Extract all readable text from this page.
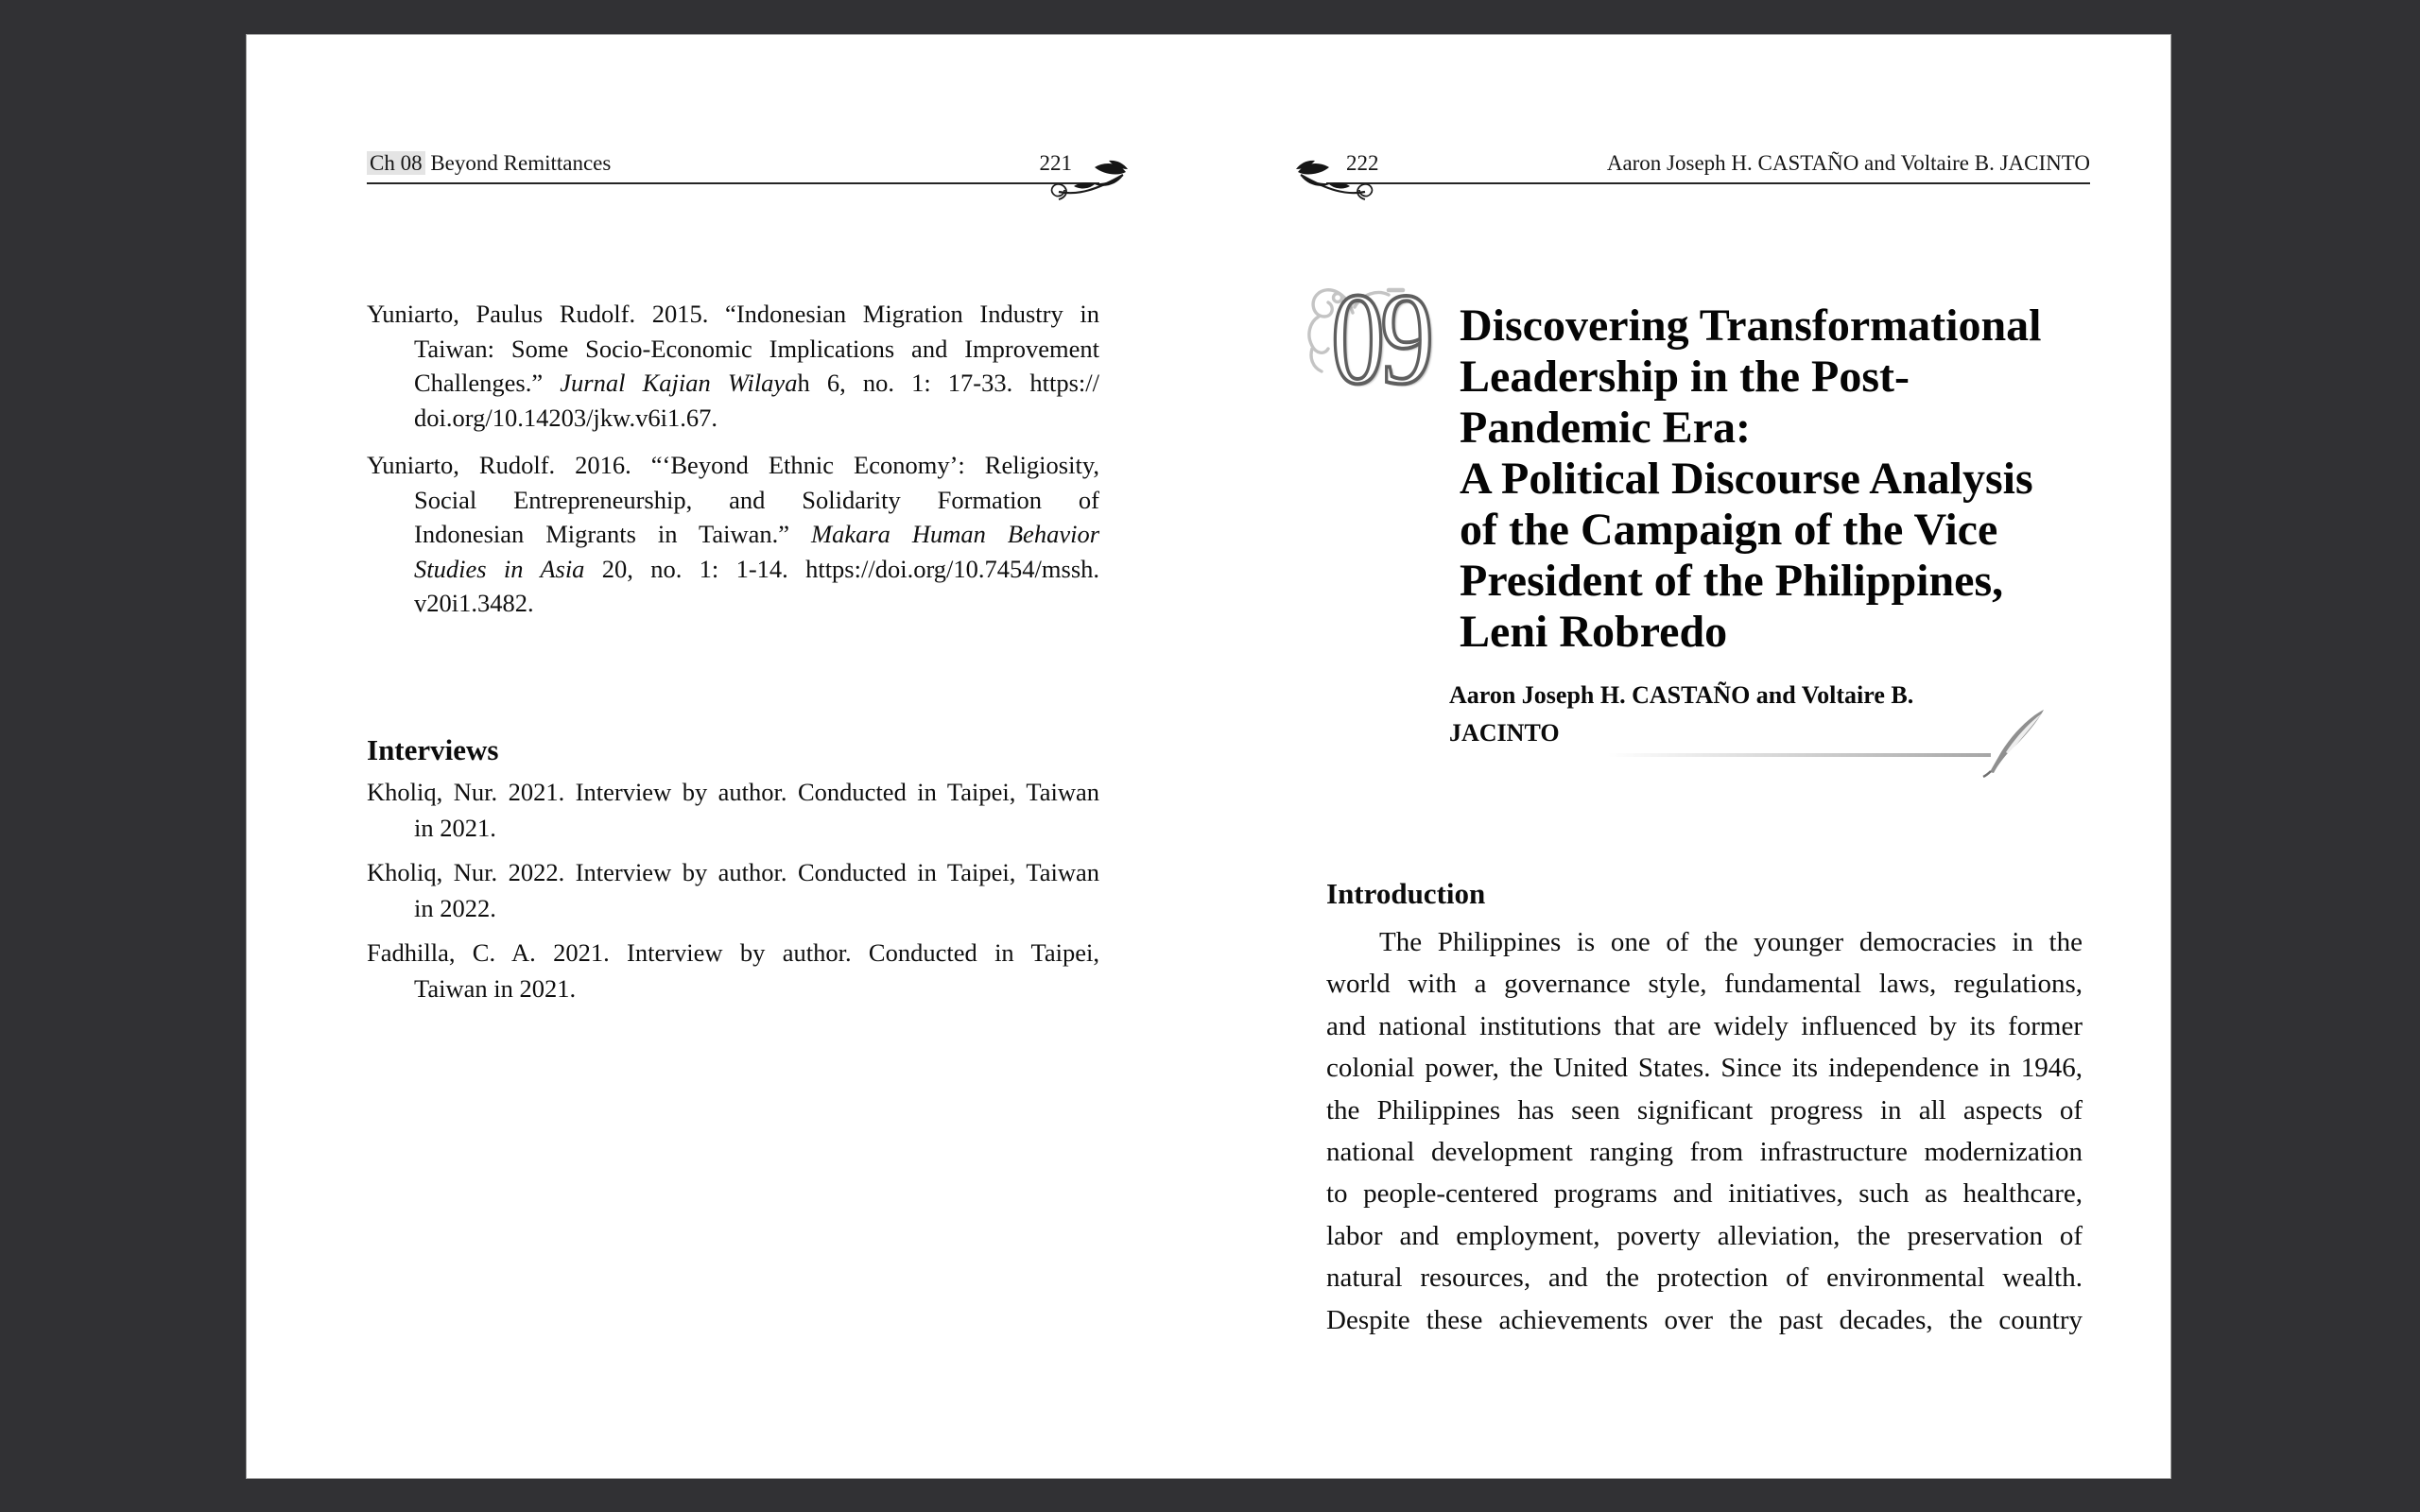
Ch 08 Beyond Remittances	221
Yuniarto, Paulus Rudolf. 2015. “Indonesian Migration Industry in
Taiwan: Some Socio-Economic Implications and Improvement
Challenges.” Jurnal Kajian Wilayah 6, no. 1: 17-33. https://
doi.org/10.14203/jkw.v6i1.67.
Yuniarto, Rudolf. 2016. “‘Beyond Ethnic Economy’: Religiosity,
Social Entrepreneurship, and Solidarity Formation of
Indonesian Migrants in Taiwan.” Makara Human Behavior
Studies in Asia 20, no. 1: 1-14. https://doi.org/10.7454/mssh.
v20i1.3482.
Interviews
Kholiq, Nur. 2021. Interview by author. Conducted in Taipei, Taiwan
in 2021.
Kholiq, Nur. 2022. Interview by author. Conducted in Taipei, Taiwan
in 2022.
Fadhilla, C. A. 2021. Interview by author. Conducted in Taipei,
Taiwan in 2021.
222	Aaron Joseph H. CASTAÑO and Voltaire B. JACINTO
09 Discovering Transformational
Leadership in the Post-
Pandemic Era:
A Political Discourse Analysis
of the Campaign of the Vice
President of the Philippines,
Leni Robredo
Aaron Joseph H. CASTAÑO and Voltaire B.
JACINTO
Introduction
The Philippines is one of the younger democracies in the
world with a governance style, fundamental laws, regulations,
and national institutions that are widely influenced by its former
colonial power, the United States. Since its independence in 1946,
the Philippines has seen significant progress in all aspects of
national development ranging from infrastructure modernization
to people-centered programs and initiatives, such as healthcare,
labor and employment, poverty alleviation, the preservation of
natural resources, and the protection of environmental wealth.
Despite these achievements over the past decades, the country
